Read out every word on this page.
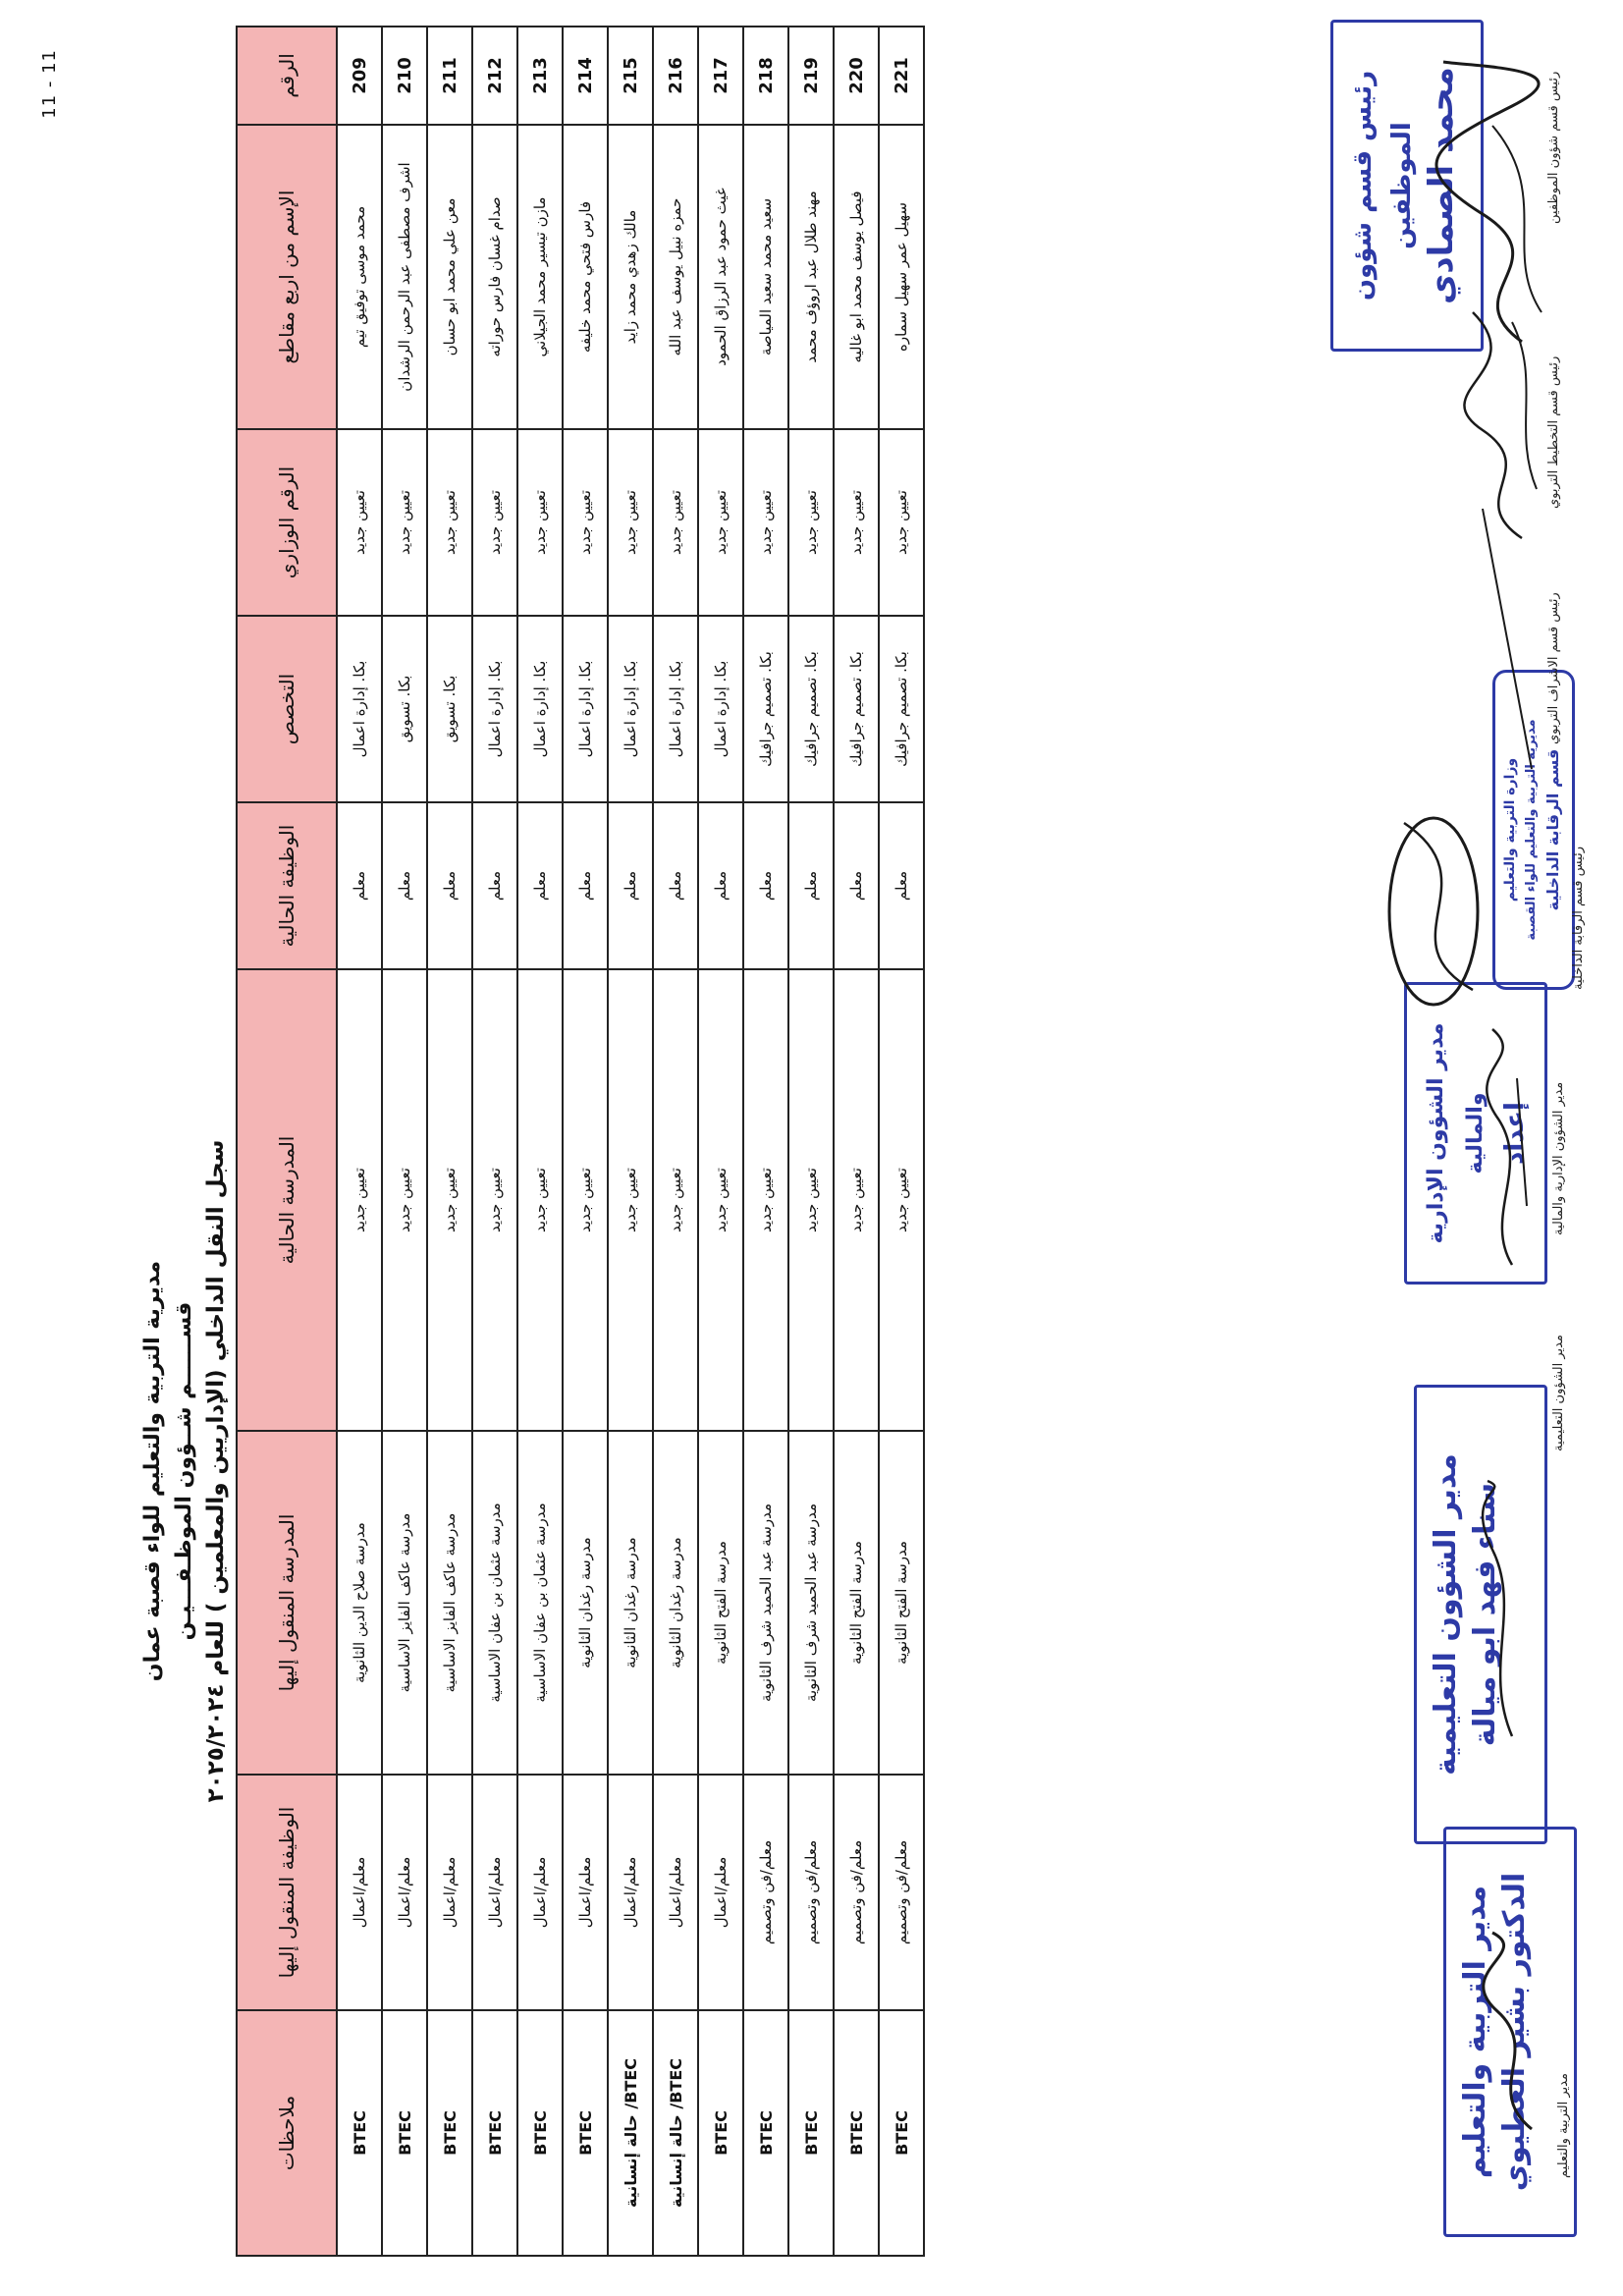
11 - 11
مديرية التربية والتعليم للواء قصبة عمان قســــــم شــؤون الموظـفـــيـن
سجل النقل الداخلي (الإداريين والمعلمين ) للعام ٢٠٢٥/٢٠٢٤
الرقم	الإسم من اربع مقاطع	الرقم الوزاري	التخصص	الوظيفة الحالية	المدرسة الحالية	المدرسة المنقول إليها	الوظيفة المنقول إليها	ملاحظات
209	محمد موسى توفيق تيم	تعيين جديد	بكا. إدارة اعمال	معلم	تعيين جديد	مدرسة صلاح الدين الثانوية	معلم/اعمال	BTEC
210	اشرف مصطفى عبد الرحمن الرشدان	تعيين جديد	بكا. تسويق	معلم	تعيين جديد	مدرسة عاكف الفايز الاساسية	معلم/اعمال	BTEC
211	معن علي محمد ابو حسان	تعيين جديد	بكا. تسويق	معلم	تعيين جديد	مدرسة عاكف الفايز الاساسية	معلم/اعمال	BTEC
212	صدام غسان فارس حوراته	تعيين جديد	بكا. إدارة اعمال	معلم	تعيين جديد	مدرسة عثمان بن عفان الاساسية	معلم/اعمال	BTEC
213	مازن تيسير محمد الجيلاني	تعيين جديد	بكا. إدارة اعمال	معلم	تعيين جديد	مدرسة عثمان بن عفان الاساسية	معلم/اعمال	BTEC
214	فارس فتحي محمد خليفه	تعيين جديد	بكا. إدارة اعمال	معلم	تعيين جديد	مدرسة رغدان الثانوية	معلم/اعمال	BTEC
215	مالك زهدي محمد زايد	تعيين جديد	بكا. إدارة اعمال	معلم	تعيين جديد	مدرسة رغدان الثانوية	معلم/اعمال	BTEC/ حالة إنسانية
216	حمزه نبيل يوسف عبد الله	تعيين جديد	بكا. إدارة اعمال	معلم	تعيين جديد	مدرسة رغدان الثانوية	معلم/اعمال	BTEC/ حالة إنسانية
217	غيث حمود عبد الرزاق الحمود	تعيين جديد	بكا. إدارة اعمال	معلم	تعيين جديد	مدرسة الفتح الثانوية	معلم/اعمال	BTEC
218	سعيد محمد سعيد المياصة	تعيين جديد	بكا. تصميم جرافيك	معلم	تعيين جديد	مدرسة عبد الحميد شرف الثانوية	معلم/فن وتصميم	BTEC
219	مهند طلال عبد اروؤف محمد	تعيين جديد	بكا. تصميم جرافيك	معلم	تعيين جديد	مدرسة عبد الحميد شرف الثانوية	معلم/فن وتصميم	BTEC
220	فيصل يوسف محمد ابو غاليه	تعيين جديد	بكا. تصميم جرافيك	معلم	تعيين جديد	مدرسة الفتح الثانوية	معلم/فن وتصميم	BTEC
221	سهيل عمر سهيل سماره	تعيين جديد	بكا. تصميم جرافيك	معلم	تعيين جديد	مدرسة الفتح الثانوية	معلم/فن وتصميم	BTEC
رئيس قسم شؤون الموظفين محمد الصمادي
وزارة التربية والتعليم مديرية التربية والتعليم للواء القصبة قسم الرقابة الداخلية
مدير الشؤون الإدارية والمالية إعداد
مدير الشؤون التعليمية سناء فهد ابو ميالة
مدير التربية والتعليم الدكتور بشير العطيوي
رئيس قسم شؤون الموظفين
رئيس قسم التخطيط التربوي
رئيس قسم الاشراف التربوي
رئيس قسم الرقابة الداخلية
مدير الشؤون الإدارية والمالية
مدير الشؤون التعليمية
مدير التربية والتعليم
